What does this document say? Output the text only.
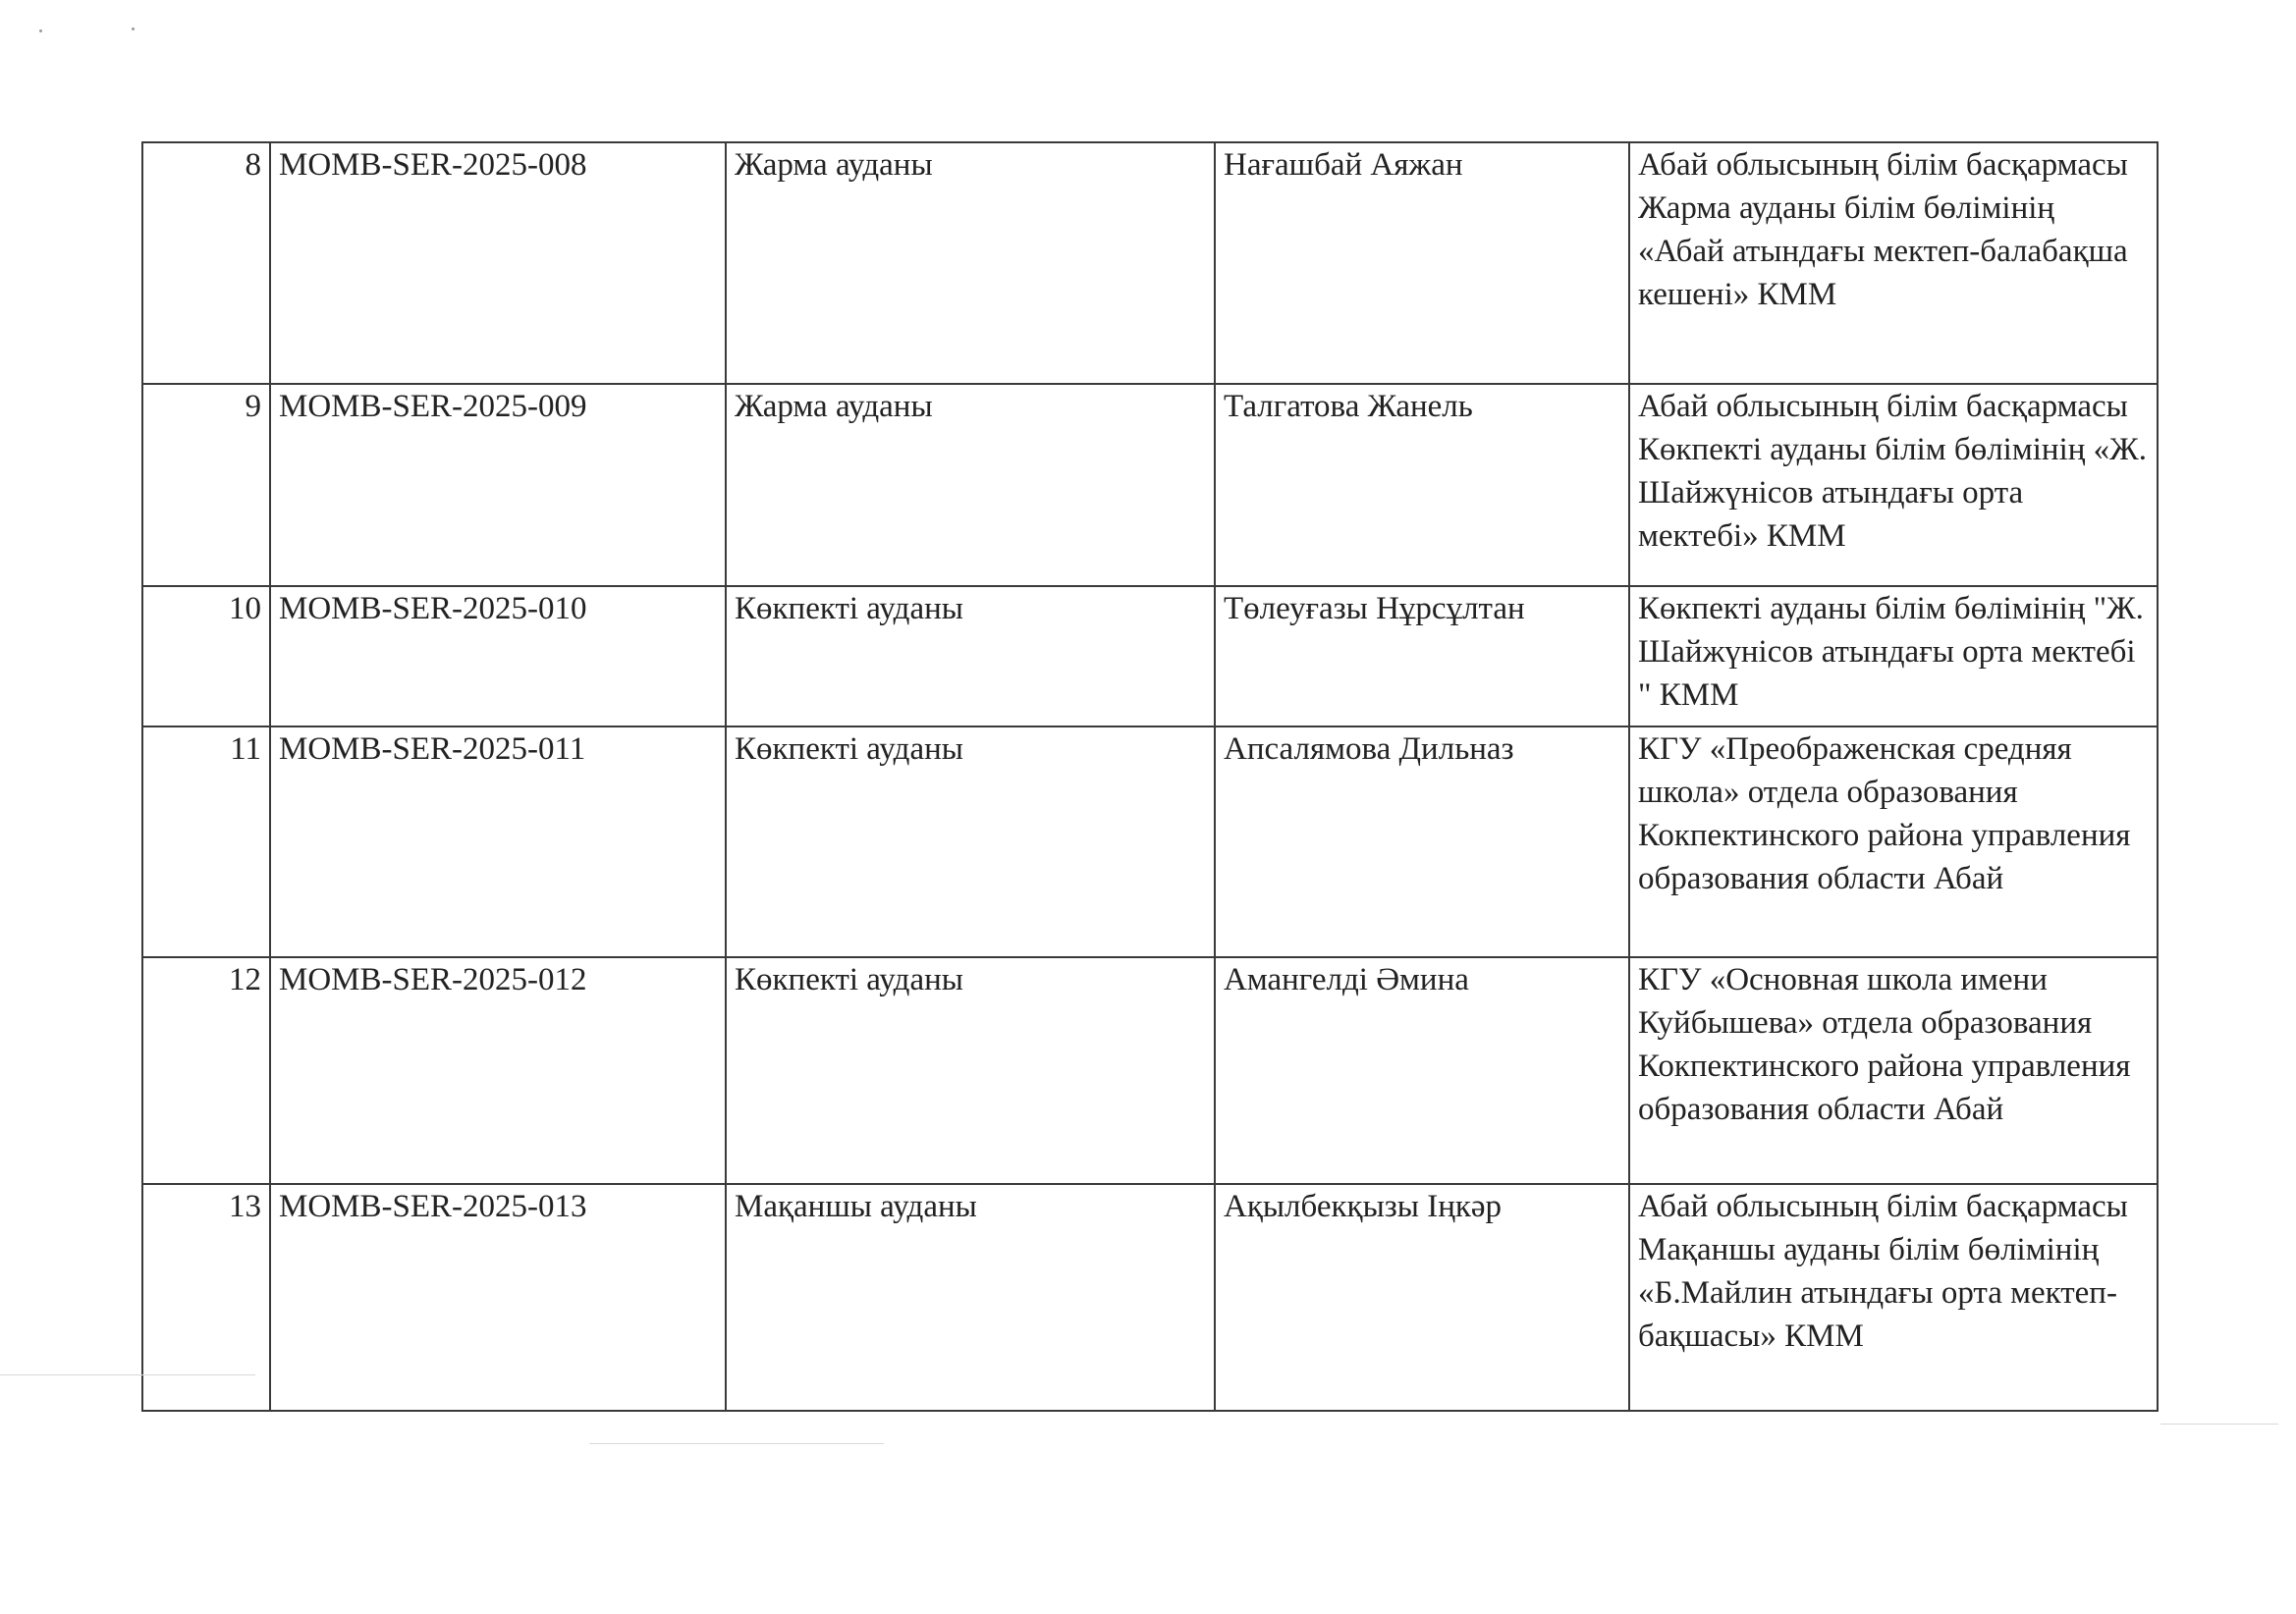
8	MOMB-SER-2025-008	Жарма ауданы	Нағашбай Аяжан	Абай облысының білім басқармасы Жарма ауданы білім бөлімінің «Абай атындағы мектеп-балабақша кешені» КММ
9	MOMB-SER-2025-009	Жарма ауданы	Талгатова Жанель	Абай облысының білім басқармасы Көкпекті ауданы білім бөлімінің «Ж. Шайжүнісов атындағы орта мектебі» КММ
10	MOMB-SER-2025-010	Көкпекті ауданы	Төлеуғазы Нұрсұлтан	Көкпекті ауданы білім бөлімінің "Ж. Шайжүнісов атындағы орта мектебі " КММ
11	MOMB-SER-2025-011	Көкпекті ауданы	Апсалямова Дильназ	КГУ «Преображенская средняя школа» отдела образования Кокпектинского района управления образования области Абай
12	MOMB-SER-2025-012	Көкпекті ауданы	Амангелді Әмина	КГУ «Основная школа имени Куйбышева» отдела образования Кокпектинского района управления образования области Абай
13	MOMB-SER-2025-013	Мақаншы ауданы	Ақылбекқызы Іңкәр	Абай облысының білім басқармасы Мақаншы ауданы білім бөлімінің «Б.Майлин атындағы орта мектеп-бақшасы» КММ
